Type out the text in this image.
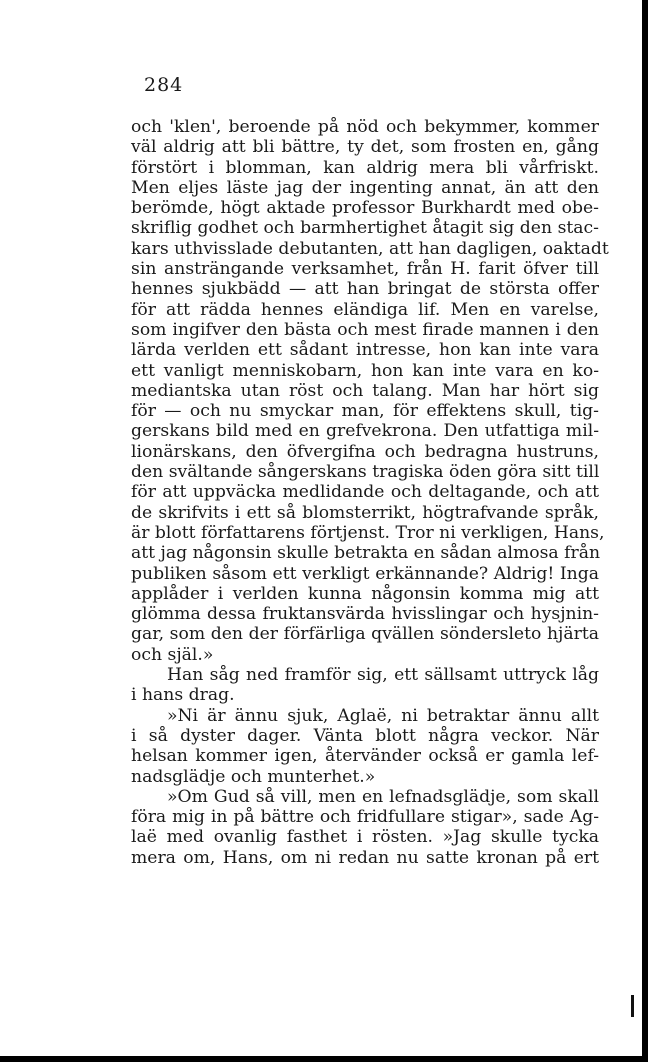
284
och 'klen', beroende på nöd och bekymmer, kommer
väl aldrig att bli bättre, ty det, som frosten en, gång
förstört i blomman, kan aldrig mera bli vårfriskt.
Men eljes läste jag der ingenting annat, än att den
berömde, högt aktade professor Burkhardt med obe-
skriflig godhet och barmhertighet åtagit sig den stac-
kars uthvisslade debutanten, att han dagligen, oaktadt
sin ansträngande verksamhet, från H. farit öfver till
hennes sjukbädd — att han bringat de största offer
för att rädda hennes eländiga lif. Men en varelse,
som ingifver den bästa och mest firade mannen i den
lärda verlden ett sådant intresse, hon kan inte vara
ett vanligt menniskobarn, hon kan inte vara en ko-
mediantska utan röst och talang. Man har hört sig
för — och nu smyckar man, för effektens skull, tig-
gerskans bild med en grefvekrona. Den utfattiga mil-
lionärskans, den öfvergifna och bedragna hustruns,
den svältande sångerskans tragiska öden göra sitt till
för att uppväcka medlidande och deltagande, och att
de skrifvits i ett så blomsterrikt, högtrafvande språk,
är blott författarens förtjenst. Tror ni verkligen, Hans,
att jag någonsin skulle betrakta en sådan almosa från
publiken såsom ett verkligt erkännande? Aldrig! Inga
applåder i verlden kunna någonsin komma mig att
glömma dessa fruktansvärda hvisslingar och hysjnin-
gar, som den der förfärliga qvällen söndersleto hjärta
och själ.»
Han såg ned framför sig, ett sällsamt uttryck låg
i hans drag.
»Ni är ännu sjuk, Aglaë, ni betraktar ännu allt
i så dyster dager. Vänta blott några veckor. När
helsan kommer igen, återvänder också er gamla lef-
nadsglädje och munterhet.»
»Om Gud så vill, men en lefnadsglädje, som skall
föra mig in på bättre och fridfullare stigar», sade Ag-
laë med ovanlig fasthet i rösten. »Jag skulle tycka
mera om, Hans, om ni redan nu satte kronan på ert
